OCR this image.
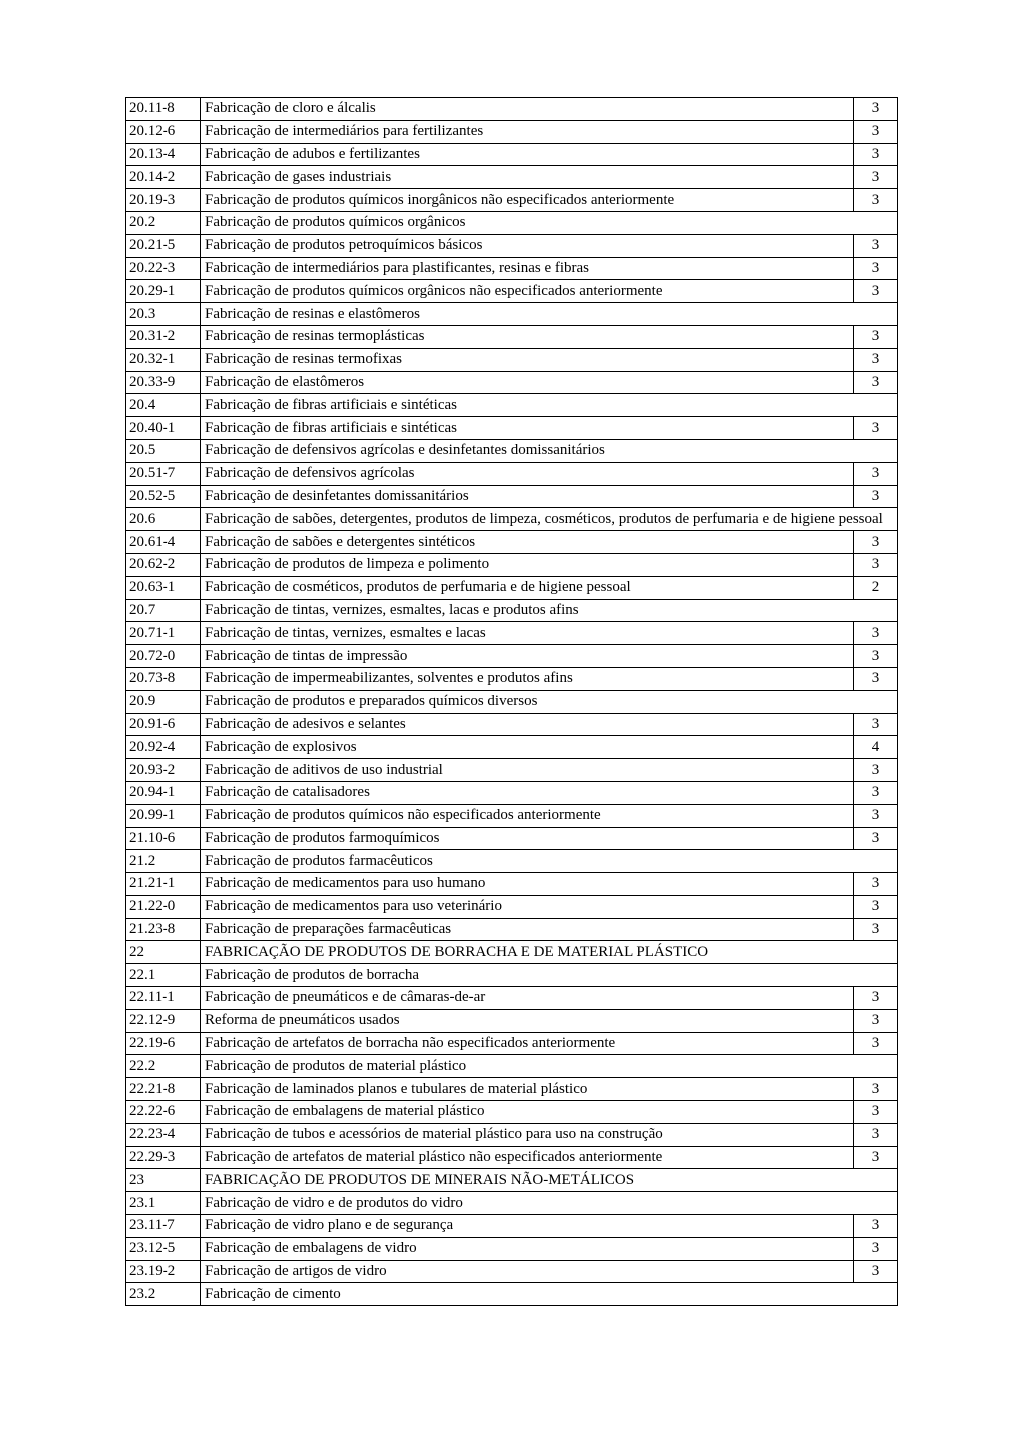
20.11-8	Fabricação de cloro e álcalis	3
20.12-6	Fabricação de intermediários para fertilizantes	3
20.13-4	Fabricação de adubos e fertilizantes	3
20.14-2	Fabricação de gases industriais	3
20.19-3	Fabricação de produtos químicos inorgânicos não especificados anteriormente	3
20.2	Fabricação de produtos químicos orgânicos	
20.21-5	Fabricação de produtos petroquímicos básicos	3
20.22-3	Fabricação de intermediários para plastificantes, resinas e fibras	3
20.29-1	Fabricação de produtos químicos orgânicos não especificados anteriormente	3
20.3	Fabricação de resinas e elastômeros	
20.31-2	Fabricação de resinas termoplásticas	3
20.32-1	Fabricação de resinas termofixas	3
20.33-9	Fabricação de elastômeros	3
20.4	Fabricação de fibras artificiais e sintéticas	
20.40-1	Fabricação de fibras artificiais e sintéticas	3
20.5	Fabricação de defensivos agrícolas e desinfetantes domissanitários	
20.51-7	Fabricação de defensivos agrícolas	3
20.52-5	Fabricação de desinfetantes domissanitários	3
20.6	Fabricação de sabões, detergentes, produtos de limpeza, cosméticos, produtos de perfumaria e de higiene pessoal	
20.61-4	Fabricação de sabões e detergentes sintéticos	3
20.62-2	Fabricação de produtos de limpeza e polimento	3
20.63-1	Fabricação de cosméticos, produtos de perfumaria e de higiene pessoal	2
20.7	Fabricação de tintas, vernizes, esmaltes, lacas e produtos afins	
20.71-1	Fabricação de tintas, vernizes, esmaltes e lacas	3
20.72-0	Fabricação de tintas de impressão	3
20.73-8	Fabricação de impermeabilizantes, solventes e produtos afins	3
20.9	Fabricação de produtos e preparados químicos diversos	
20.91-6	Fabricação de adesivos e selantes	3
20.92-4	Fabricação de explosivos	4
20.93-2	Fabricação de aditivos de uso industrial	3
20.94-1	Fabricação de catalisadores	3
20.99-1	Fabricação de produtos químicos não especificados anteriormente	3
21.10-6	Fabricação de produtos farmoquímicos	3
21.2	Fabricação de produtos farmacêuticos	
21.21-1	Fabricação de medicamentos para uso humano	3
21.22-0	Fabricação de medicamentos para uso veterinário	3
21.23-8	Fabricação de preparações farmacêuticas	3
22	FABRICAÇÃO DE PRODUTOS DE BORRACHA E DE MATERIAL PLÁSTICO	
22.1	Fabricação de produtos de borracha	
22.11-1	Fabricação de pneumáticos e de câmaras-de-ar	3
22.12-9	Reforma de pneumáticos usados	3
22.19-6	Fabricação de artefatos de borracha não especificados anteriormente	3
22.2	Fabricação de produtos de material plástico	
22.21-8	Fabricação de laminados planos e tubulares de material plástico	3
22.22-6	Fabricação de embalagens de material plástico	3
22.23-4	Fabricação de tubos e acessórios de material plástico para uso na construção	3
22.29-3	Fabricação de artefatos de material plástico não especificados anteriormente	3
23	FABRICAÇÃO DE PRODUTOS DE MINERAIS NÃO-METÁLICOS	
23.1	Fabricação de vidro e de produtos do vidro	
23.11-7	Fabricação de vidro plano e de segurança	3
23.12-5	Fabricação de embalagens de vidro	3
23.19-2	Fabricação de artigos de vidro	3
23.2	Fabricação de cimento	
